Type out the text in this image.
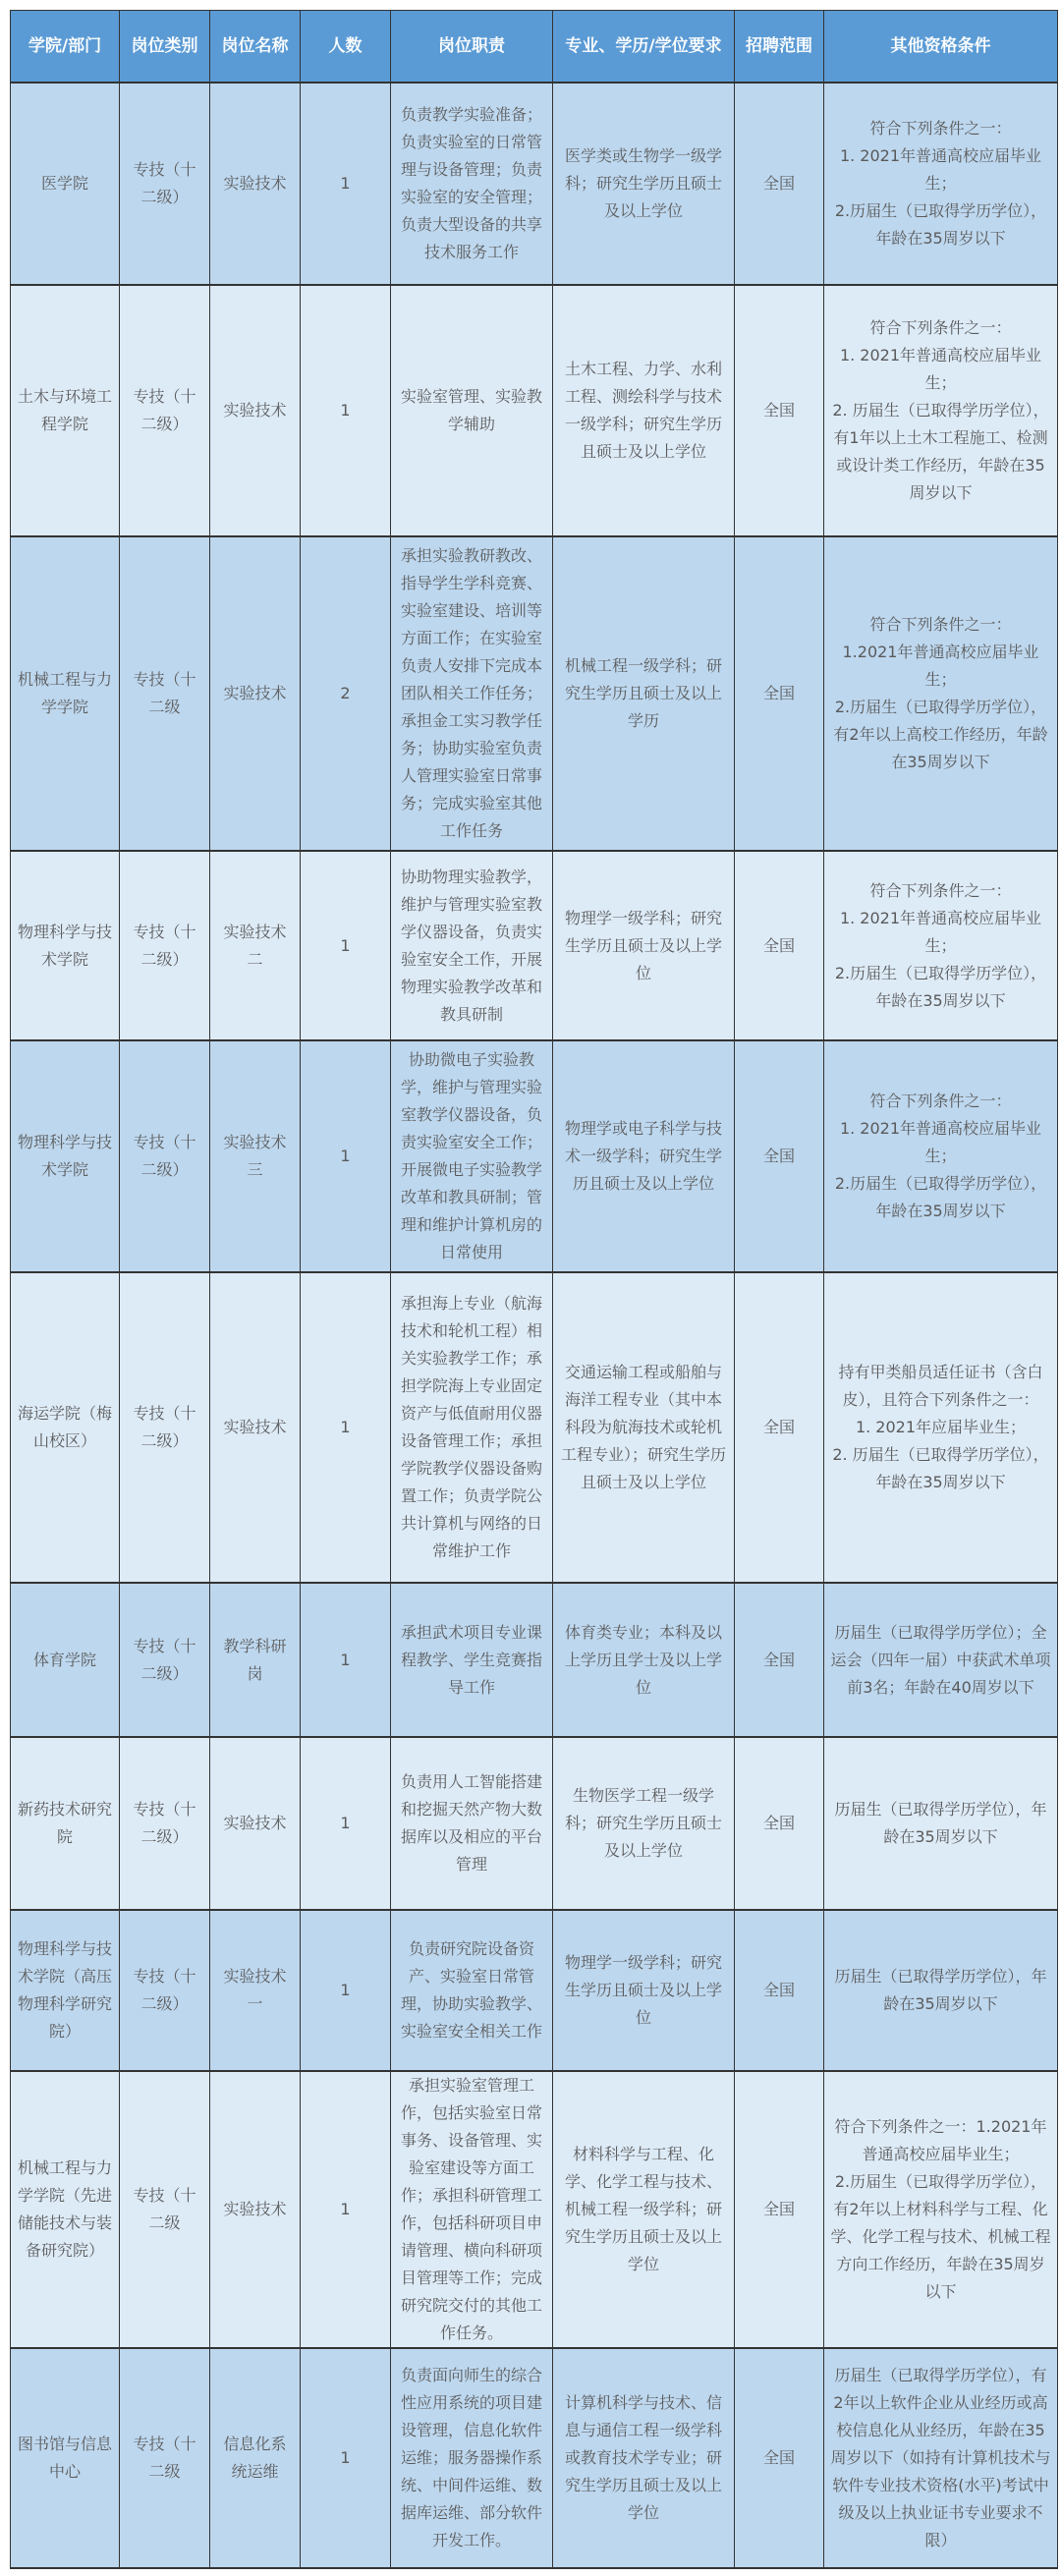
学院/部门	岗位类别	岗位名称	人数	岗位职责	专业、学历/学位要求	招聘范围	其他资格条件
医学院	专技（十二级）	实验技术	1	负责教学实验准备；负责实验室的日常管理与设备管理；负责实验室的安全管理；负责大型设备的共享技术服务工作	医学类或生物学一级学科；研究生学历且硕士及以上学位	全国	符合下列条件之一：
1. 2021年普通高校应届毕业生；
2.历届生（已取得学历学位），年龄在35周岁以下
土木与环境工程学院	专技（十二级）	实验技术	1	实验室管理、实验教学辅助	土木工程、力学、水利工程、测绘科学与技术一级学科；研究生学历且硕士及以上学位	全国	符合下列条件之一：
1. 2021年普通高校应届毕业生；
2. 历届生（已取得学历学位），有1年以上土木工程施工、检测或设计类工作经历，年龄在35周岁以下
机械工程与力学学院	专技（十二级	实验技术	2	承担实验教研教改、指导学生学科竞赛、实验室建设、培训等方面工作；在实验室负责人安排下完成本团队相关工作任务；承担金工实习教学任务；协助实验室负责人管理实验室日常事务；完成实验室其他工作任务	机械工程一级学科；研究生学历且硕士及以上学历	全国	符合下列条件之一：
1.2021年普通高校应届毕业生；
2.历届生（已取得学历学位），有2年以上高校工作经历，年龄在35周岁以下
物理科学与技术学院	专技（十二级）	实验技术二	1	协助物理实验教学，维护与管理实验室教学仪器设备，负责实验室安全工作，开展物理实验教学改革和教具研制	物理学一级学科；研究生学历且硕士及以上学位	全国	符合下列条件之一：
1. 2021年普通高校应届毕业生；
2.历届生（已取得学历学位），年龄在35周岁以下
物理科学与技术学院	专技（十二级）	实验技术三	1	协助微电子实验教学，维护与管理实验室教学仪器设备，负责实验室安全工作；开展微电子实验教学改革和教具研制；管理和维护计算机房的日常使用	物理学或电子科学与技术一级学科；研究生学历且硕士及以上学位	全国	符合下列条件之一：
1. 2021年普通高校应届毕业生；
2.历届生（已取得学历学位），年龄在35周岁以下
海运学院（梅山校区）	专技（十二级）	实验技术	1	承担海上专业（航海技术和轮机工程）相关实验教学工作；承担学院海上专业固定资产与低值耐用仪器设备管理工作；承担学院教学仪器设备购置工作；负责学院公共计算机与网络的日常维护工作	交通运输工程或船舶与海洋工程专业（其中本科段为航海技术或轮机工程专业）；研究生学历且硕士及以上学位	全国	持有甲类船员适任证书（含白皮），且符合下列条件之一：
1. 2021年应届毕业生；
2. 历届生（已取得学历学位），年龄在35周岁以下
体育学院	专技（十二级）	教学科研岗	1	承担武术项目专业课程教学、学生竞赛指导工作	体育类专业；本科及以上学历且学士及以上学位	全国	历届生（已取得学历学位）；全运会（四年一届）中获武术单项前3名；年龄在40周岁以下
新药技术研究院	专技（十二级）	实验技术	1	负责用人工智能搭建和挖掘天然产物大数据库以及相应的平台管理	生物医学工程一级学科；研究生学历且硕士及以上学位	全国	历届生（已取得学历学位），年龄在35周岁以下
物理科学与技术学院（高压物理科学研究院）	专技（十二级）	实验技术一	1	负责研究院设备资产、实验室日常管理，协助实验教学、实验室安全相关工作	物理学一级学科；研究生学历且硕士及以上学位	全国	历届生（已取得学历学位），年龄在35周岁以下
机械工程与力学学院（先进储能技术与装备研究院）	专技（十二级	实验技术	1	承担实验室管理工作，包括实验室日常事务、设备管理、实验室建设等方面工作；承担科研管理工作，包括科研项目申请管理、横向科研项目管理等工作；完成研究院交付的其他工作任务。	材料科学与工程、化学、化学工程与技术、机械工程一级学科；研究生学历且硕士及以上学位	全国	符合下列条件之一：1.2021年普通高校应届毕业生；
2.历届生（已取得学历学位），有2年以上材料科学与工程、化学、化学工程与技术、机械工程方向工作经历，年龄在35周岁以下
图书馆与信息中心	专技（十二级	信息化系统运维	1	负责面向师生的综合性应用系统的项目建设管理，信息化软件运维；服务器操作系统、中间件运维、数据库运维、部分软件开发工作。	计算机科学与技术、信息与通信工程一级学科或教育技术学专业；研究生学历且硕士及以上学位	全国	历届生（已取得学历学位），有2年以上软件企业从业经历或高校信息化从业经历，年龄在35周岁以下（如持有计算机技术与软件专业技术资格(水平)考试中级及以上执业证书专业要求不限）
